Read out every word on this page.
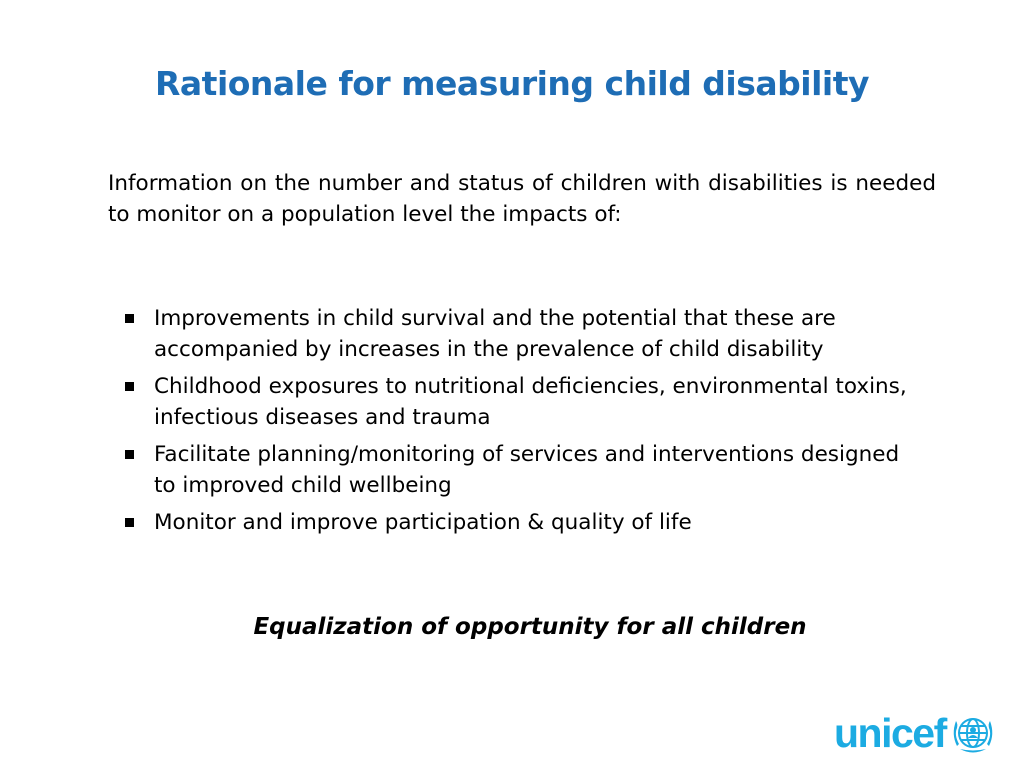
Rationale for measuring child disability

Information on the number and status of children with disabilities is needed to monitor on a population level the impacts of:

Improvements in child survival and the potential that these are accompanied by increases in the prevalence of child disability
Childhood exposures to nutritional deficiencies, environmental toxins, infectious diseases and trauma
Facilitate planning/monitoring of services and interventions designed to improved child wellbeing
Monitor and improve participation & quality of life

Equalization of opportunity for all children

unicef
